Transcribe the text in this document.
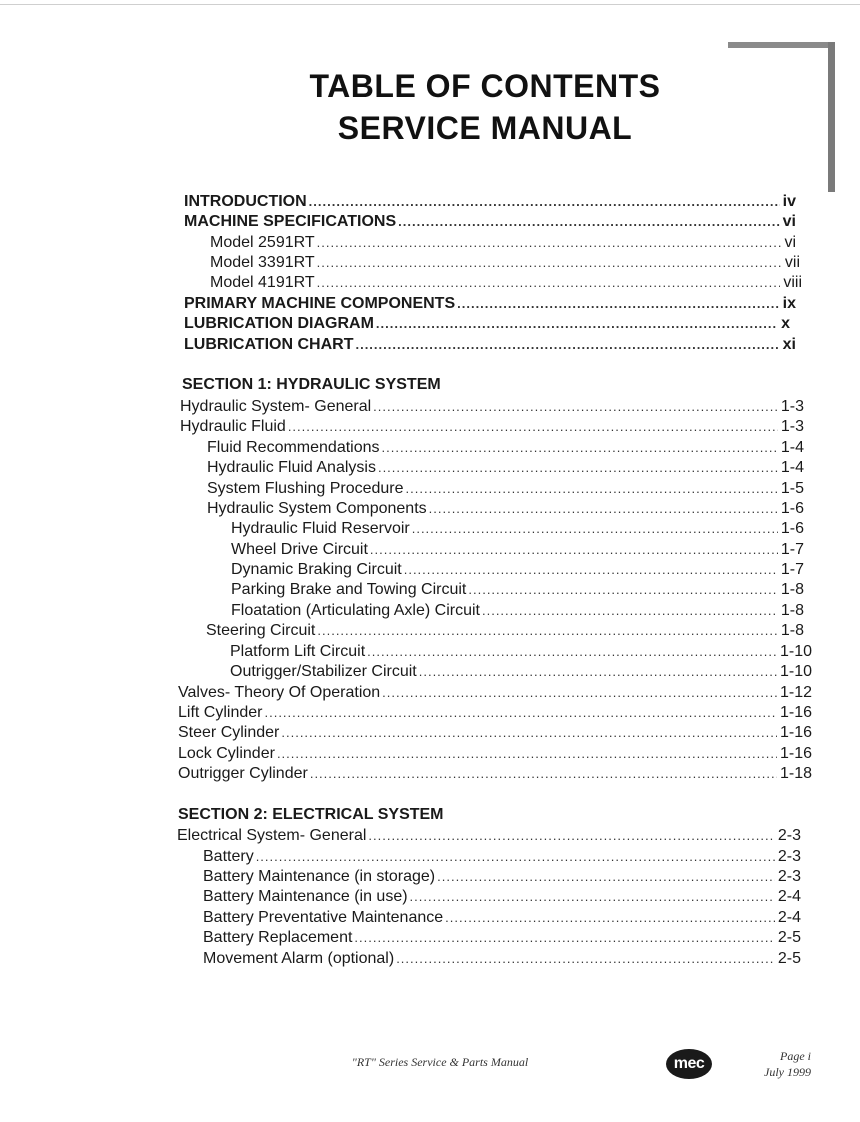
TABLE OF CONTENTS
SERVICE MANUAL
INTRODUCTION .....	iv
MACHINE SPECIFICATIONS .....	vi
Model 2591RT .....	vi
Model 3391RT .....	vii
Model 4191RT .....	viii
PRIMARY MACHINE COMPONENTS .....	ix
LUBRICATION DIAGRAM .....	x
LUBRICATION CHART .....	xi
SECTION 1: HYDRAULIC SYSTEM
Hydraulic System- General .....	1-3
Hydraulic Fluid .....	1-3
Fluid Recommendations .....	1-4
Hydraulic Fluid Analysis .....	1-4
System Flushing Procedure .....	1-5
Hydraulic System Components .....	1-6
Hydraulic Fluid Reservoir .....	1-6
Wheel Drive Circuit .....	1-7
Dynamic Braking Circuit .....	1-7
Parking Brake and Towing Circuit .....	1-8
Floatation (Articulating Axle) Circuit .....	1-8
Steering Circuit .....	1-8
Platform Lift Circuit .....	1-10
Outrigger/Stabilizer Circuit .....	1-10
Valves- Theory Of Operation .....	1-12
Lift Cylinder .....	1-16
Steer Cylinder .....	1-16
Lock Cylinder .....	1-16
Outrigger Cylinder .....	1-18
SECTION 2: ELECTRICAL SYSTEM
Electrical System- General .....	2-3
Battery .....	2-3
Battery Maintenance (in storage) .....	2-3
Battery Maintenance (in use) .....	2-4
Battery Preventative Maintenance .....	2-4
Battery Replacement .....	2-5
Movement Alarm (optional) .....	2-5
"RT" Series Service & Parts Manual	mec	Page i
July 1999
